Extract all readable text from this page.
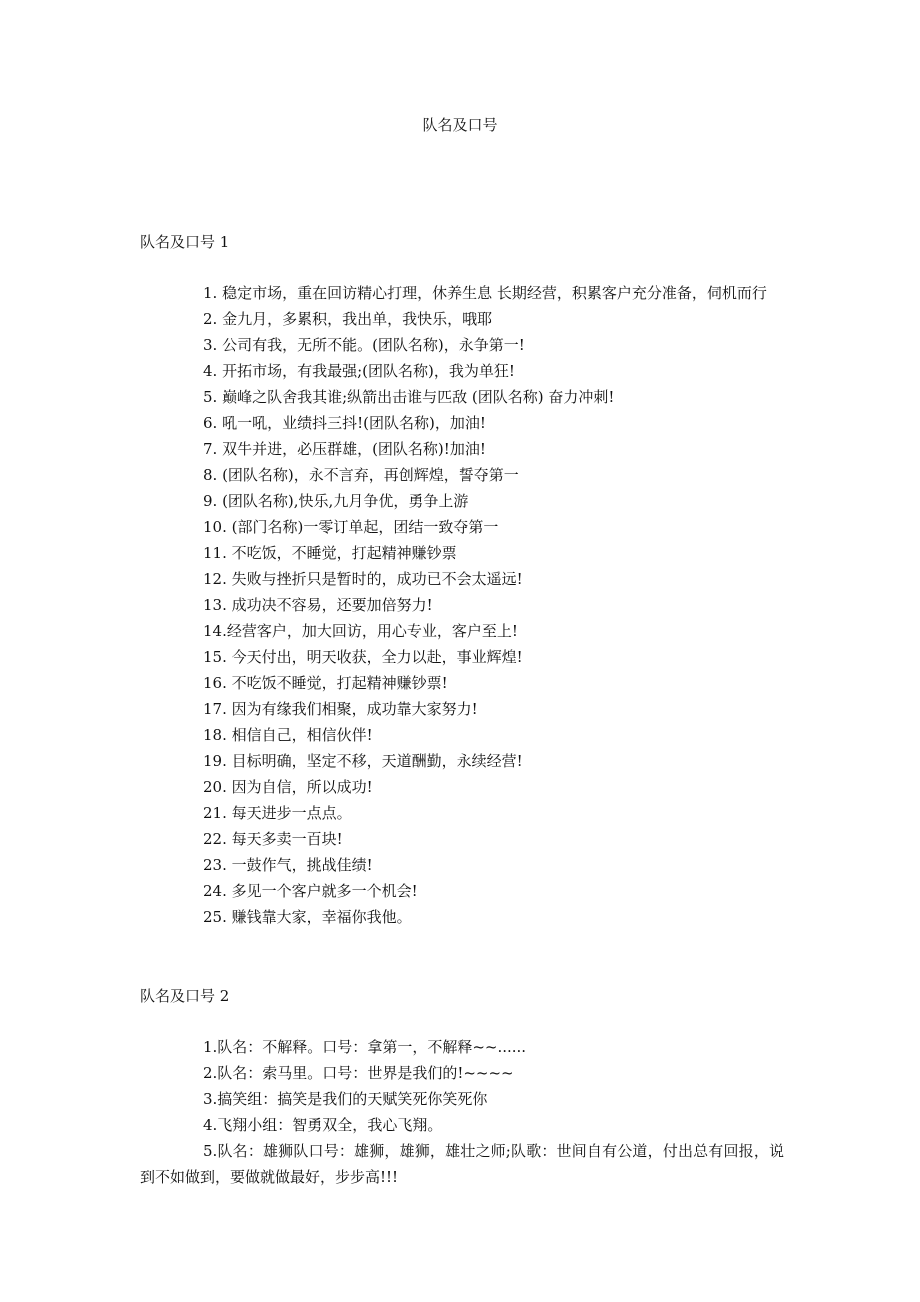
队名及口号
队名及口号 1

1. 稳定市场，重在回访精心打理，休养生息 长期经营，积累客户充分准备，伺机而行

2. 金九月，多累积，我出单，我快乐，哦耶

3. 公司有我，无所不能。(团队名称)，永争第一!

4. 开拓市场，有我最强;(团队名称)，我为单狂!

5. 巅峰之队舍我其谁;纵箭出击谁与匹敌 (团队名称) 奋力冲刺!

6. 吼一吼，业绩抖三抖!(团队名称)，加油!

7. 双牛并进，必压群雄，(团队名称)!加油!

8. (团队名称)，永不言弃，再创辉煌，誓夺第一

9. (团队名称),快乐,九月争优，勇争上游

10. (部门名称)一零订单起，团结一致夺第一

11. 不吃饭，不睡觉，打起精神赚钞票

12. 失败与挫折只是暂时的，成功已不会太遥远!

13. 成功决不容易，还要加倍努力!

14.经营客户，加大回访，用心专业，客户至上!

15. 今天付出，明天收获，全力以赴，事业辉煌!

16. 不吃饭不睡觉，打起精神赚钞票!

17. 因为有缘我们相聚，成功靠大家努力!

18. 相信自己，相信伙伴!

19. 目标明确，坚定不移，天道酬勤，永续经营!

20. 因为自信，所以成功!

21. 每天进步一点点。

22. 每天多卖一百块!

23. 一鼓作气，挑战佳绩!

24. 多见一个客户就多一个机会!

25. 赚钱靠大家，幸福你我他。

队名及口号 2

1.队名：不解释。口号：拿第一，不解释~~......

2.队名：索马里。口号：世界是我们的!~~~~

3.搞笑组：搞笑是我们的天赋笑死你笑死你

4.飞翔小组：智勇双全，我心飞翔。

5.队名：雄狮队口号：雄狮，雄狮，雄壮之师;队歌：世间自有公道，付出总有回报，说到不如做到，要做就做最好，步步高!!!
